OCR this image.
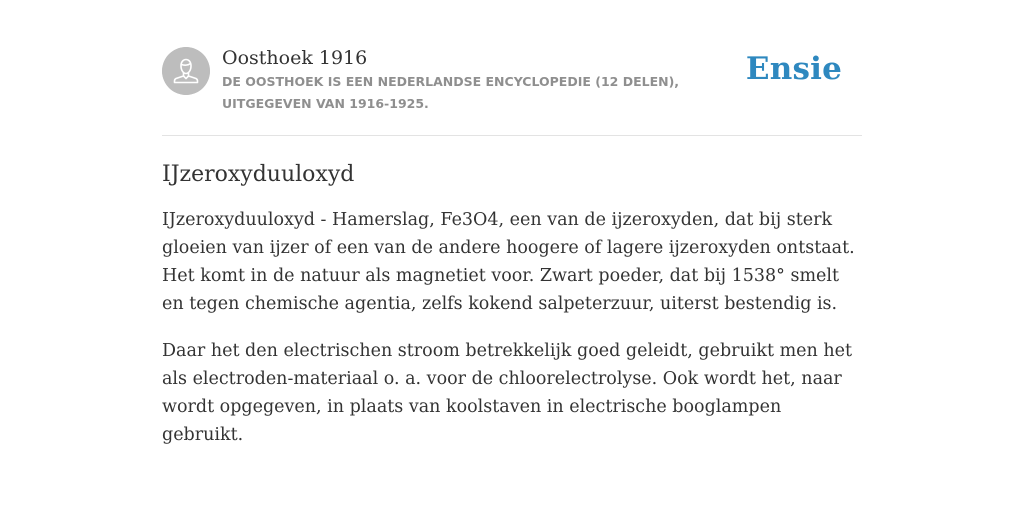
Oosthoek 1916
DE OOSTHOEK IS EEN NEDERLANDSE ENCYCLOPEDIE (12 DELEN), UITGEGEVEN VAN 1916-1925.
Ensie
IJzeroxyduuloxyd

IJzeroxyduuloxyd - Hamerslag, Fe3O4, een van de ijzeroxyden, dat bij sterk gloeien van ijzer of een van de andere hoogere of lagere ijzeroxyden ontstaat. Het komt in de natuur als magnetiet voor. Zwart poeder, dat bij 1538° smelt en tegen chemische agentia, zelfs kokend salpeterzuur, uiterst bestendig is.

Daar het den electrischen stroom betrekkelijk goed geleidt, gebruikt men het als electroden-materiaal o. a. voor de chloorelectrolyse. Ook wordt het, naar wordt opgegeven, in plaats van koolstaven in electrische booglampen gebruikt.
